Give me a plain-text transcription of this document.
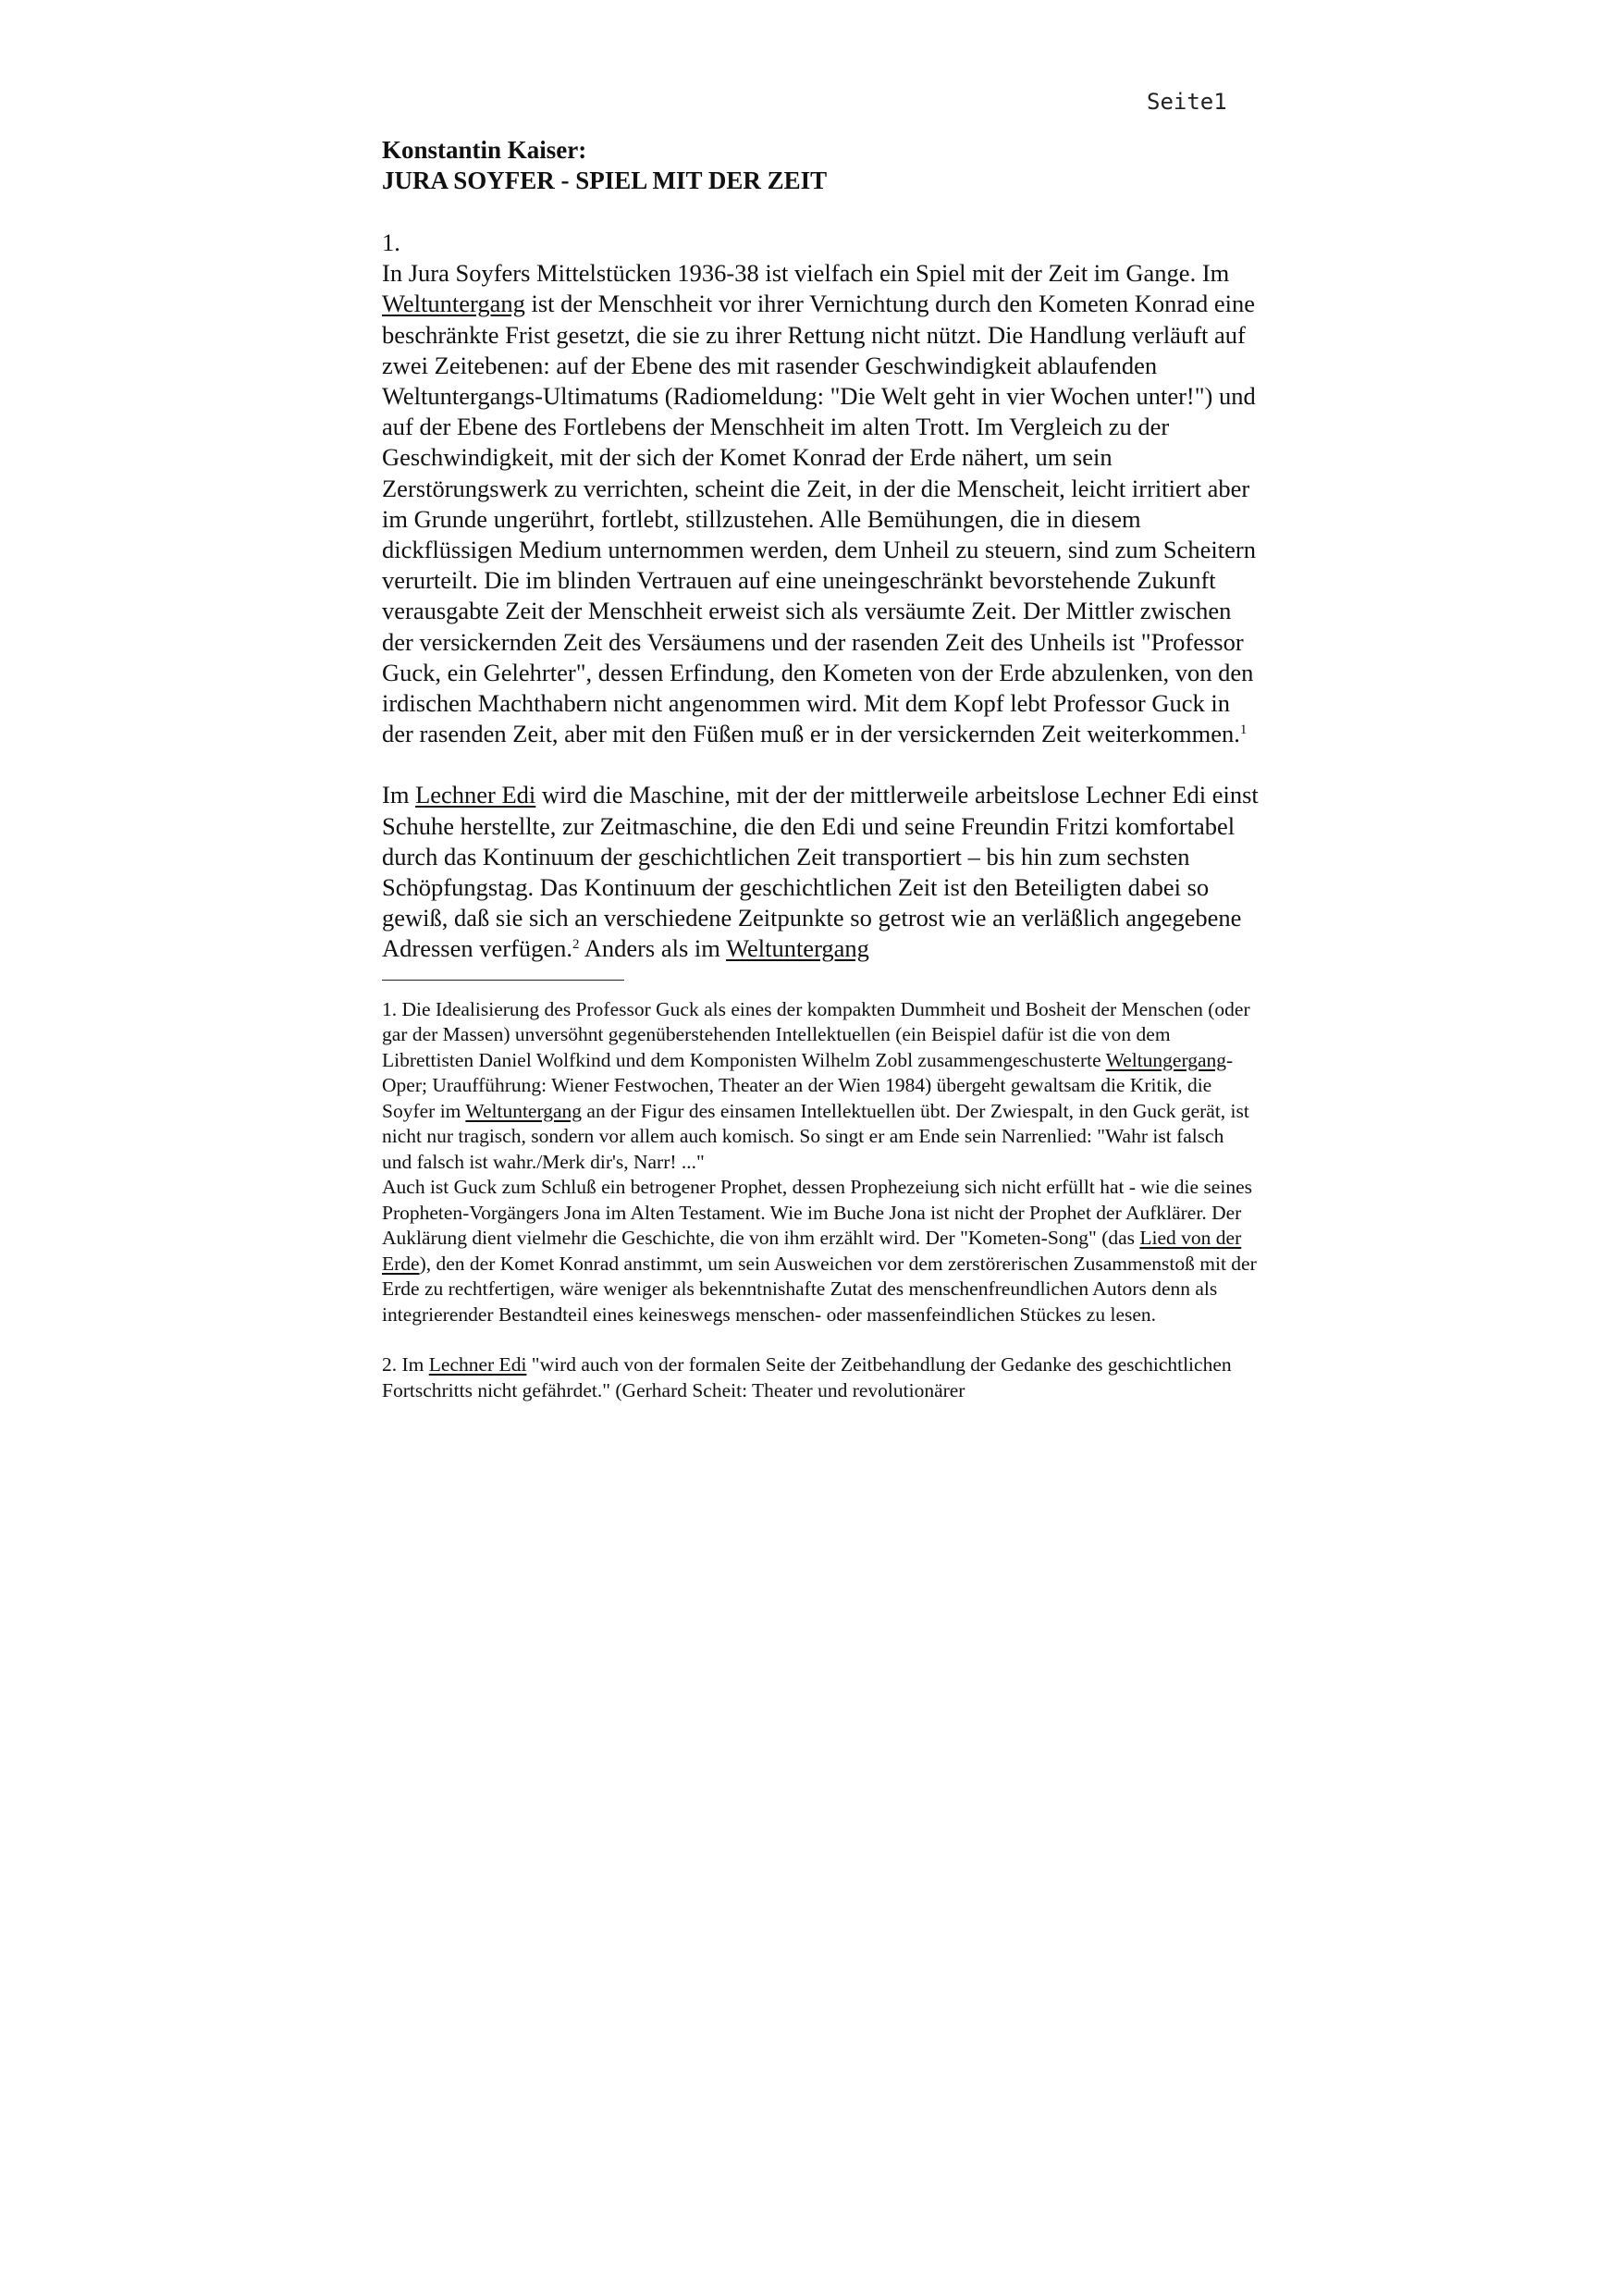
Seite1

Konstantin Kaiser:

JURA SOYFER - SPIEL MIT DER ZEIT

1.

In Jura Soyfers Mittelstücken 1936-38 ist vielfach ein Spiel mit der Zeit im Gange. Im Weltuntergang ist der Menschheit vor ihrer Vernichtung durch den Kometen Konrad eine beschränkte Frist gesetzt, die sie zu ihrer Rettung nicht nützt. Die Handlung verläuft auf zwei Zeitebenen: auf der Ebene des mit rasender Geschwindigkeit ablaufenden Weltuntergangs-Ultimatums (Radiomeldung: "Die Welt geht in vier Wochen unter!") und auf der Ebene des Fortlebens der Menschheit im alten Trott. Im Vergleich zu der Geschwindigkeit, mit der sich der Komet Konrad der Erde nähert, um sein Zerstörungswerk zu verrichten, scheint die Zeit, in der die Menscheit, leicht irritiert aber im Grunde ungerührt, fortlebt, stillzustehen. Alle Bemühungen, die in diesem dickflüssigen Medium unternommen werden, dem Unheil zu steuern, sind zum Scheitern verurteilt. Die im blinden Vertrauen auf eine uneingeschränkt bevorstehende Zukunft verausgabte Zeit der Menschheit erweist sich als versäumte Zeit. Der Mittler zwischen der versickernden Zeit des Versäumens und der rasenden Zeit des Unheils ist "Professor Guck, ein Gelehrter", dessen Erfindung, den Kometen von der Erde abzulenken, von den irdischen Machthabern nicht angenommen wird. Mit dem Kopf lebt Professor Guck in der rasenden Zeit, aber mit den Füßen muß er in der versickernden Zeit weiterkommen.$^1$

Im Lechner Edi wird die Maschine, mit der der mittlerweile arbeitslose Lechner Edi einst Schuhe herstellte, zur Zeitmaschine, die den Edi und seine Freundin Fritzi komfortabel durch das Kontinuum der geschichtlichen Zeit transportiert – bis hin zum sechsten Schöpfungstag. Das Kontinuum der geschichtlichen Zeit ist den Beteiligten dabei so gewiß, daß sie sich an verschiedene Zeitpunkte so getrost wie an verläßlich angegebene Adressen verfügen.$^2$ Anders als im Weltuntergang

1. Die Idealisierung des Professor Guck als eines der kompakten Dummheit und Bosheit der Menschen (oder gar der Massen) unversöhnt gegenüberstehenden Intellektuellen (ein Beispiel dafür ist die von dem Librettisten Daniel Wolfkind und dem Komponisten Wilhelm Zobl zusammengeschusterte Weltungergang-Oper; Uraufführung: Wiener Festwochen, Theater an der Wien 1984) übergeht gewaltsam die Kritik, die Soyfer im Weltuntergang an der Figur des einsamen Intellektuellen übt. Der Zwiespalt, in den Guck gerät, ist nicht nur tragisch, sondern vor allem auch komisch. So singt er am Ende sein Narrenlied: "Wahr ist falsch und falsch ist wahr./Merk dir's, Narr! ..."

Auch ist Guck zum Schluß ein betrogener Prophet, dessen Prophezeiung sich nicht erfüllt hat - wie die seines Propheten-Vorgängers Jona im Alten Testament. Wie im Buche Jona ist nicht der Prophet der Aufklärer. Der Auklärung dient vielmehr die Geschichte, die von ihm erzählt wird. Der "Kometen-Song" (das Lied von der Erde), den der Komet Konrad anstimmt, um sein Ausweichen vor dem zerstörerischen Zusammenstoß mit der Erde zu rechtfertigen, wäre weniger als bekenntnishafte Zutat des menschenfreundlichen Autors denn als integrierender Bestandteil eines keineswegs menschen- oder massenfeindlichen Stückes zu lesen.

2. Im Lechner Edi "wird auch von der formalen Seite der Zeitbehandlung der Gedanke des geschichtlichen Fortschritts nicht gefährdet." (Gerhard Scheit: Theater und revolutionärer
